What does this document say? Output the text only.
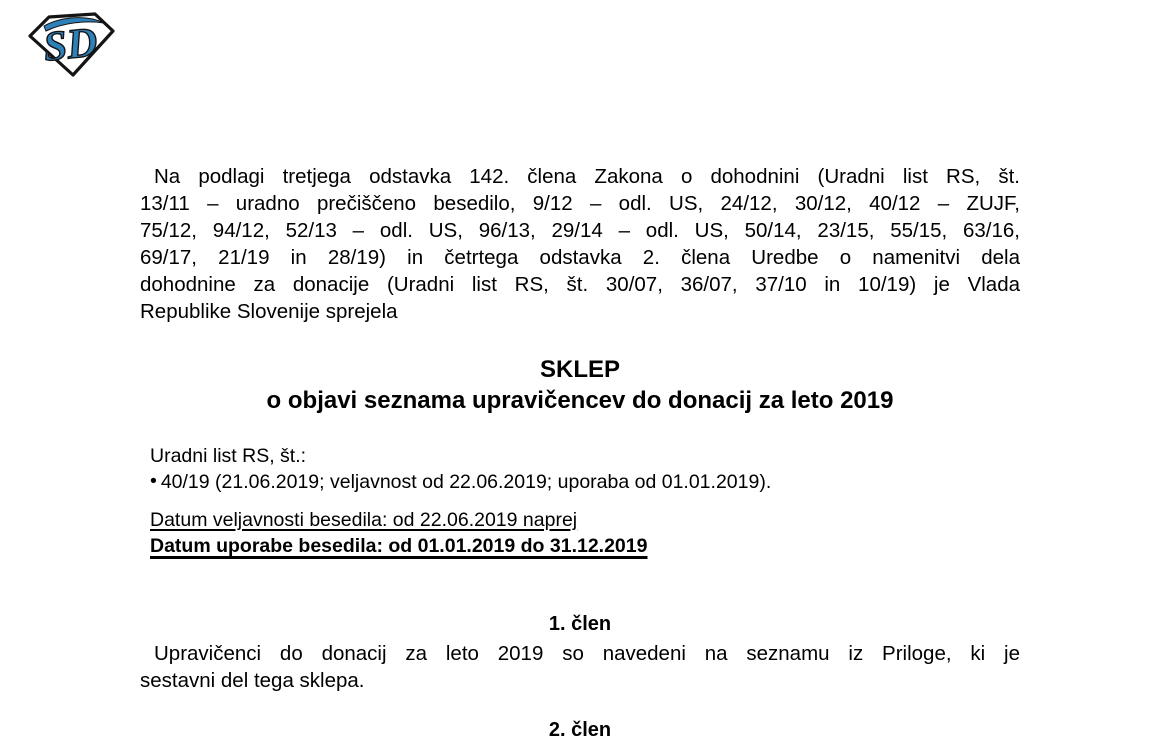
SD

Na podlagi tretjega odstavka 142. člena Zakona o dohodnini (Uradni list RS, št.
13/11 – uradno prečiščeno besedilo, 9/12 – odl. US, 24/12, 30/12, 40/12 – ZUJF,
75/12, 94/12, 52/13 – odl. US, 96/13, 29/14 – odl. US, 50/14, 23/15, 55/15, 63/16,
69/17, 21/19 in 28/19) in četrtega odstavka 2. člena Uredbe o namenitvi dela
dohodnine za donacije (Uradni list RS, št. 30/07, 36/07, 37/10 in 10/19) je Vlada
Republike Slovenije sprejela

SKLEP
o objavi seznama upravičencev do donacij za leto 2019
Uradni list RS, št.:
• 40/19 (21.06.2019; veljavnost od 22.06.2019; uporaba od 01.01.2019).
Datum veljavnosti besedila: od 22.06.2019 naprej
Datum uporabe besedila: od 01.01.2019 do 31.12.2019
1. člen

Upravičenci do donacij za leto 2019 so navedeni na seznamu iz Priloge, ki je
sestavni del tega sklepa.

2. člen
